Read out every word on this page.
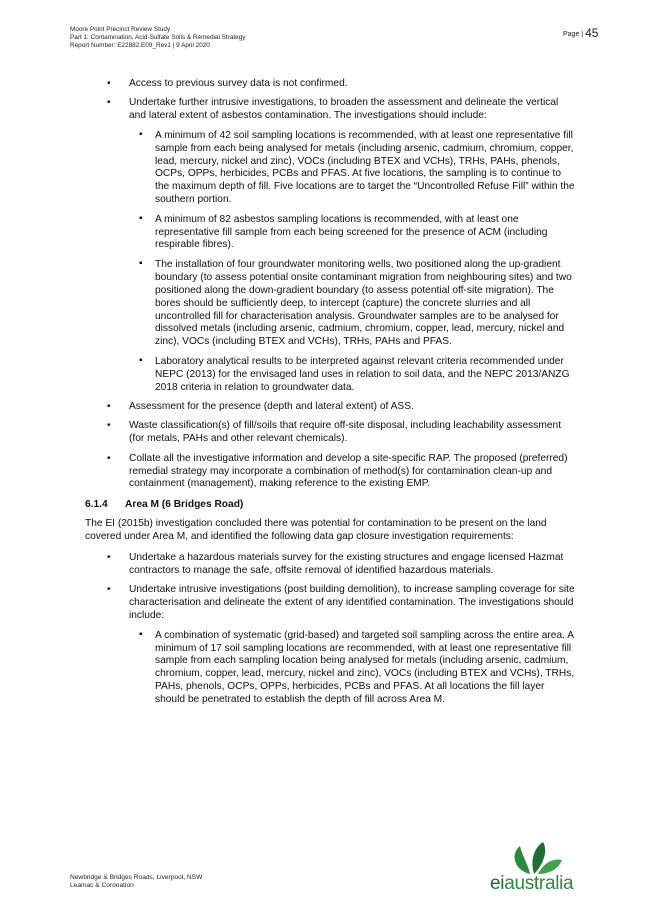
Moore Point Precinct Review Study
Part 1: Contamination, Acid-Sulfate Soils & Remedial Strategy
Report Number: E22882.E09_Rev1 | 9 April 2020
Page | 45
• Access to previous survey data is not confirmed.
• Undertake further intrusive investigations, to broaden the assessment and delineate the vertical and lateral extent of asbestos contamination. The investigations should include:
▪ A minimum of 42 soil sampling locations is recommended, with at least one representative fill sample from each being analysed for metals (including arsenic, cadmium, chromium, copper, lead, mercury, nickel and zinc), VOCs (including BTEX and VCHs), TRHs, PAHs, phenols, OCPs, OPPs, herbicides, PCBs and PFAS. At five locations, the sampling is to continue to the maximum depth of fill. Five locations are to target the “Uncontrolled Refuse Fill” within the southern portion.
▪ A minimum of 82 asbestos sampling locations is recommended, with at least one representative fill sample from each being screened for the presence of ACM (including respirable fibres).
▪ The installation of four groundwater monitoring wells, two positioned along the up-gradient boundary (to assess potential onsite contaminant migration from neighbouring sites) and two positioned along the down-gradient boundary (to assess potential off-site migration). The bores should be sufficiently deep, to intercept (capture) the concrete slurries and all uncontrolled fill for characterisation analysis. Groundwater samples are to be analysed for dissolved metals (including arsenic, cadmium, chromium, copper, lead, mercury, nickel and zinc), VOCs (including BTEX and VCHs), TRHs, PAHs and PFAS.
▪ Laboratory analytical results to be interpreted against relevant criteria recommended under NEPC (2013) for the envisaged land uses in relation to soil data, and the NEPC 2013/ANZG 2018 criteria in relation to groundwater data.
• Assessment for the presence (depth and lateral extent) of ASS.
• Waste classification(s) of fill/soils that require off-site disposal, including leachability assessment (for metals, PAHs and other relevant chemicals).
• Collate all the investigative information and develop a site-specific RAP. The proposed (preferred) remedial strategy may incorporate a combination of method(s) for contamination clean-up and containment (management), making reference to the existing EMP.
6.1.4 Area M (6 Bridges Road)
The EI (2015b) investigation concluded there was potential for contamination to be present on the land covered under Area M, and identified the following data gap closure investigation requirements:
• Undertake a hazardous materials survey for the existing structures and engage licensed Hazmat contractors to manage the safe, offsite removal of identified hazardous materials.
• Undertake intrusive investigations (post building demolition), to increase sampling coverage for site characterisation and delineate the extent of any identified contamination. The investigations should include:
▪ A combination of systematic (grid-based) and targeted soil sampling across the entire area. A minimum of 17 soil sampling locations are recommended, with at least one representative fill sample from each sampling location being analysed for metals (including arsenic, cadmium, chromium, copper, lead, mercury, nickel and zinc), VOCs (including BTEX and VCHs), TRHs, PAHs, phenols, OCPs, OPPs, herbicides, PCBs and PFAS. At all locations the fill layer should be penetrated to establish the depth of fill across Area M.
Newbridge & Bridges Roads, Liverpool, NSW
Leamac & Coronation	eiaustralia
